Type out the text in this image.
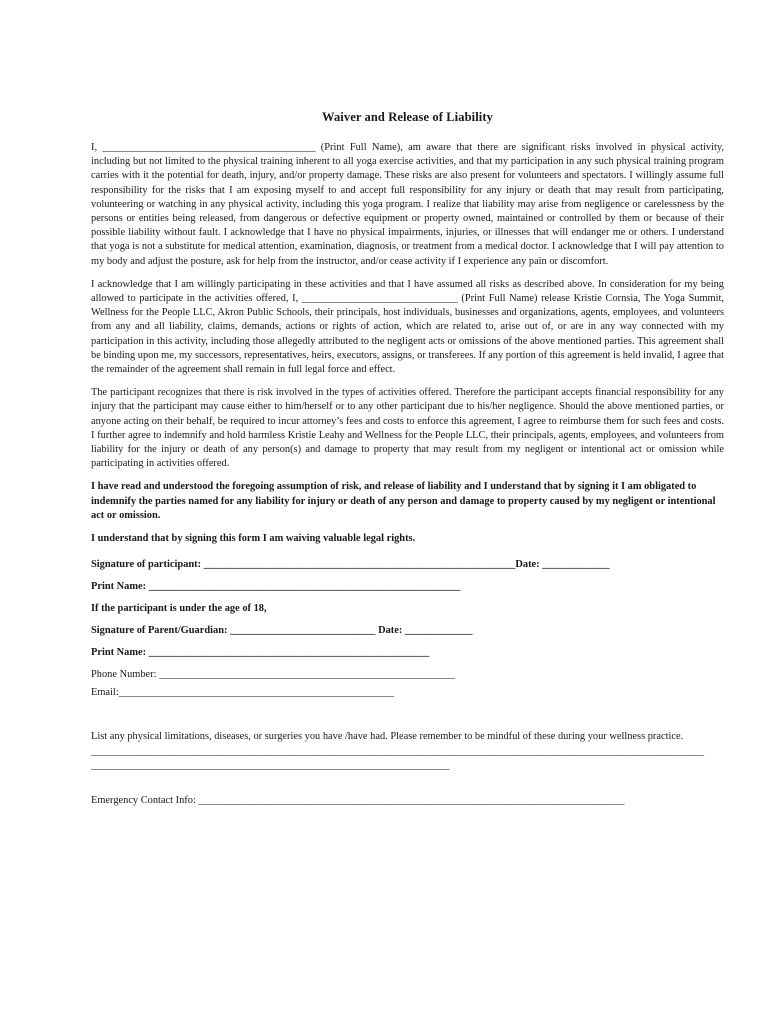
Waiver and Release of Liability

I, _________________________________________ (Print Full Name), am aware that there are significant risks involved in physical activity, including but not limited to the physical training inherent to all yoga exercise activities, and that my participation in any such physical training program carries with it the potential for death, injury, and/or property damage. These risks are also present for volunteers and spectators. I willingly assume full responsibility for the risks that I am exposing myself to and accept full responsibility for any injury or death that may result from participating, volunteering or watching in any physical activity, including this yoga program. I realize that liability may arise from negligence or carelessness by the persons or entities being released, from dangerous or defective equipment or property owned, maintained or controlled by them or because of their possible liability without fault. I acknowledge that I have no physical impairments, injuries, or illnesses that will endanger me or others. I understand that yoga is not a substitute for medical attention, examination, diagnosis, or treatment from a medical doctor. I acknowledge that I will pay attention to my body and adjust the posture, ask for help from the instructor, and/or cease activity if I experience any pain or discomfort.

I acknowledge that I am willingly participating in these activities and that I have assumed all risks as described above. In consideration for my being allowed to participate in the activities offered, I, ______________________________ (Print Full Name) release Kristie Cornsia, The Yoga Summit, Wellness for the People LLC, Akron Public Schools, their principals, host individuals, businesses and organizations, agents, employees, and volunteers from any and all liability, claims, demands, actions or rights of action, which are related to, arise out of, or are in any way connected with my participation in this activity, including those allegedly attributed to the negligent acts or omissions of the above mentioned parties. This agreement shall be binding upon me, my successors, representatives, heirs, executors, assigns, or transferees. If any portion of this agreement is held invalid, I agree that the remainder of the agreement shall remain in full legal force and effect.

The participant recognizes that there is risk involved in the types of activities offered. Therefore the participant accepts financial responsibility for any injury that the participant may cause either to him/herself or to any other participant due to his/her negligence. Should the above mentioned parties, or anyone acting on their behalf, be required to incur attorney’s fees and costs to enforce this agreement, I agree to reimburse them for such fees and costs. I further agree to indemnify and hold harmless Kristie Leahy and Wellness for the People LLC, their principals, agents, employees, and volunteers from liability for the injury or death of any person(s) and damage to property that may result from my negligent or intentional act or omission while participating in activities offered.

I have read and understood the foregoing assumption of risk, and release of liability and I understand that by signing it I am obligated to indemnify the parties named for any liability for injury or death of any person and damage to property caused by my negligent or intentional act or omission.

I understand that by signing this form I am waiving valuable legal rights.

Signature of participant: ____________________________________________________________Date: _____________
Print Name: ____________________________________________________________
If the participant is under the age of 18,
Signature of Parent/Guardian: ____________________________ Date: _____________
Print Name: ______________________________________________________
Phone Number: _________________________________________________________
Email:_____________________________________________________

List any physical limitations, diseases, or surgeries you have /have had. Please remember to be mindful of these during your wellness practice.

______________________________________________________________________________________________________________________

_____________________________________________________________________

Emergency Contact Info: __________________________________________________________________________________
